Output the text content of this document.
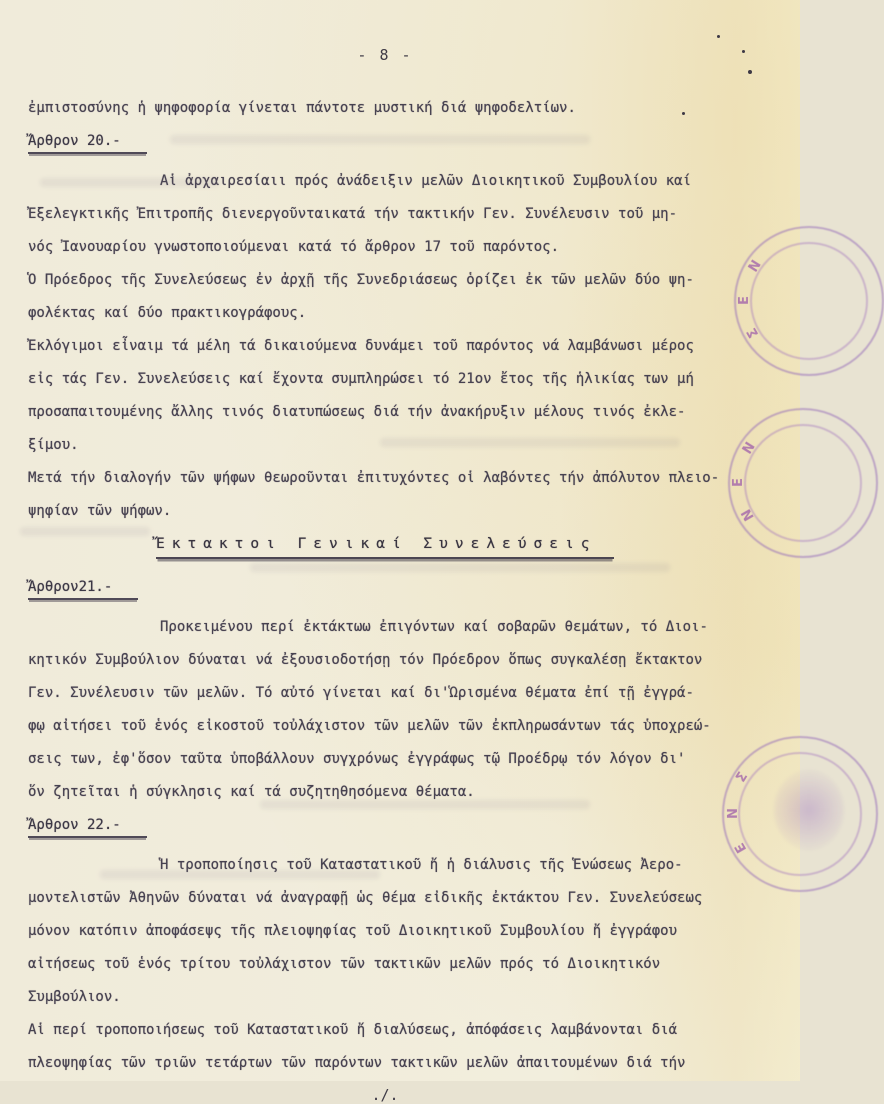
- 8 -
ἐμπιστοσύνης ἡ ψηφοφορία γίνεται πάντοτε μυστική διά ψηφοδελτίων.
Ἄρθρον 20.-
Αἱ ἀρχαιρεσίαιι πρός ἀνάδειξιν μελῶν Διοικητικοῦ Συμβουλίου καί
Ἐξελεγκτικῆς Ἐπιτροπῆς διενεργοῦνταικατά τήν τακτικήν Γεν. Συνέλευσιν τοῦ μη-
νός Ἰανουαρίου γνωστοποιούμεναι κατά τό ἄρθρον 17 τοῦ παρόντος.
Ὁ Πρόεδρος τῆς Συνελεύσεως ἐν ἀρχῇ τῆς Συνεδριάσεως ὁρίζει ἐκ τῶν μελῶν δύο ψη-
φολέκτας καί δύο πρακτικογράφους.
Ἐκλόγιμοι εἶναιμ τά μέλη τά δικαιούμενα δυνάμει τοῦ παρόντος νά λαμβάνωσι μέρος
εἰς τάς Γεν. Συνελεύσεις καί ἔχοντα συμπληρώσει τό 21ον ἔτος τῆς ἡλικίας των μή
προσαπαιτουμένης ἄλλης τινός διατυπώσεως διά τήν ἀνακήρυξιν μέλους τινός ἐκλε-
ξίμου.
Μετά τήν διαλογήν τῶν ψήφων θεωροῦνται ἐπιτυχόντες οἱ λαβόντες τήν ἀπόλυτον πλειο-
ψηφίαν τῶν ψήφων.
Ἔκτακτοι Γενικαί Συνελεύσεις
Ἄρθρον21.-
Προκειμένου περί ἐκτάκτωω ἐπιγόντων καί σοβαρῶν θεμάτων, τό Διοι-
κητικόν Συμβούλιον δύναται νά ἐξουσιοδοτήσῃ τόν Πρόεδρον ὅπως συγκαλέσῃ ἔκτακτον
Γεν. Συνέλευσιν τῶν μελῶν. Τό αὐτό γίνεται καί δι'Ὡρισμένα θέματα ἐπί τῇ ἐγγρά-
φῳ αἰτήσει τοῦ ἑνός εἰκοστοῦ τοὐλάχιστον τῶν μελῶν τῶν ἐκπληρωσάντων τάς ὑποχρεώ-
σεις των, ἐφ'ὅσον ταῦτα ὑποβάλλουν συγχρόνως ἐγγράφως τῷ Προέδρῳ τόν λόγον δι'
ὅν ζητεῖται ἡ σύγκλησις καί τά συζητηθησόμενα θέματα.
Ἄρθρον 22.-
Ἡ τροποποίησις τοῦ Καταστατικοῦ ἤ ἡ διάλυσις τῆς Ἑνώσεως Ἀερο-
μοντελιστῶν Ἀθηνῶν δύναται νά ἀναγραφῇ ὡς θέμα εἰδικῆς ἐκτάκτου Γεν. Συνελεύσεως
μόνον κατόπιν ἀποφάσεψς τῆς πλειοψηφίας τοῦ Διοικητικοῦ Συμβουλίου ἤ ἐγγράφου
αἰτήσεως τοῦ ἑνός τρίτου τοὐλάχιστον τῶν τακτικῶν μελῶν πρός τό Διοικητικόν
Συμβούλιον.
Αἱ περί τροποποιήσεως τοῦ Καταστατικοῦ ἤ διαλύσεως, ἀπόφάσεις λαμβάνονται διά
πλεοψηφίας τῶν τριῶν τετάρτων τῶν παρόντων τακτικῶν μελῶν ἀπαιτουμένων διά τήν
./.
Σ
Ε
Ν
Ν
Ε
Ν
Ε
Ν
Σ
